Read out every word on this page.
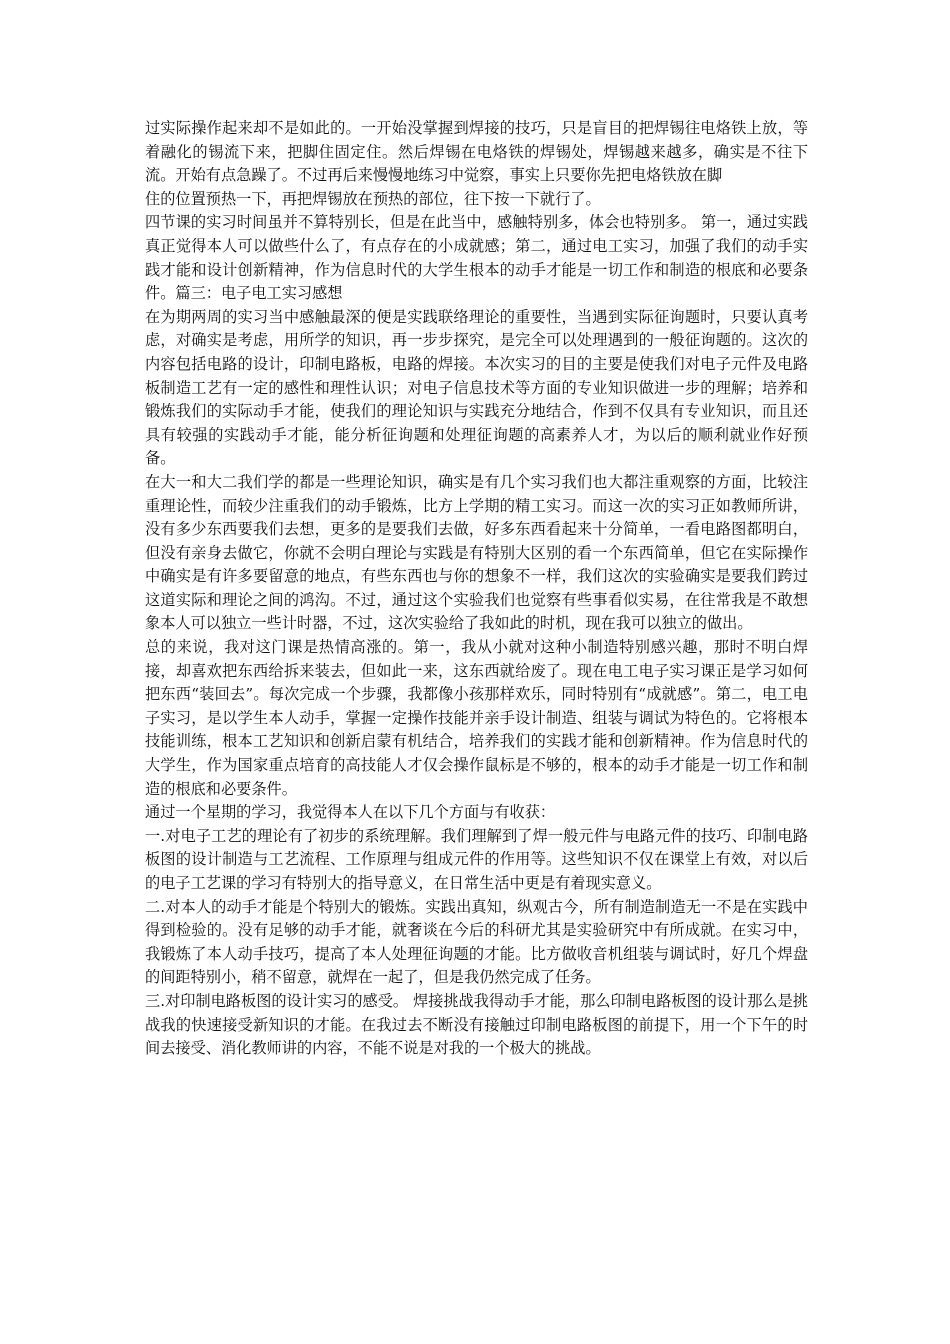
过实际操作起来却不是如此的。一开始没掌握到焊接的技巧，只是盲目的把焊锡往电烙铁上放，等 着融化的锡流下来，把脚住固定住。然后焊锡在电烙铁的焊锡处，焊锡越来越多，确实是不往下流。开始有点急躁了。不过再后来慢慢地练习中觉察，事实上只要你先把电烙铁放在脚

住的位置预热一下，再把焊锡放在预热的部位，往下按一下就行了。

四节课的实习时间虽并不算特别长，但是在此当中，感触特别多，体会也特别多。 第一，通过实践真正觉得本人可以做些什么了，有点存在的小成就感；第二，通过电工实习，加强了我们的动手实践才能和设计创新精神，作为信息时代的大学生根本的动手才能是一切工作和制造的根底和必要条件。篇三：电子电工实习感想

在为期两周的实习当中感触最深的便是实践联络理论的重要性，当遇到实际征询题时，只要认真考虑，对确实是考虑，用所学的知识，再一步步探究，是完全可以处理遇到的一般征询题的。这次的内容包括电路的设计，印制电路板，电路的焊接。本次实习的目的主要是使我们对电子元件及电路板制造工艺有一定的感性和理性认识；对电子信息技术等方面的专业知识做进一步的理解；培养和锻炼我们的实际动手才能，使我们的理论知识与实践充分地结合，作到不仅具有专业知识，而且还具有较强的实践动手才能，能分析征询题和处理征询题的高素养人才，为以后的顺利就业作好预备。

在大一和大二我们学的都是一些理论知识，确实是有几个实习我们也大都注重观察的方面，比较注重理论性，而较少注重我们的动手锻炼，比方上学期的精工实习。而这一次的实习正如教师所讲，没有多少东西要我们去想，更多的是要我们去做，好多东西看起来十分简单，一看电路图都明白，但没有亲身去做它，你就不会明白理论与实践是有特别大区别的看一个东西简单，但它在实际操作中确实是有许多要留意的地点，有些东西也与你的想象不一样，我们这次的实验确实是要我们跨过这道实际和理论之间的鸿沟。不过，通过这个实验我们也觉察有些事看似实易，在往常我是不敢想象本人可以独立一些计时器，不过，这次实验给了我如此的时机，现在我可以独立的做出。

总的来说，我对这门课是热情高涨的。第一，我从小就对这种小制造特别感兴趣，那时不明白焊接，却喜欢把东西给拆来装去，但如此一来，这东西就给废了。现在电工电子实习课正是学习如何把东西“装回去”。每次完成一个步骤，我都像小孩那样欢乐，同时特别有“成就感”。第二，电工电子实习，是以学生本人动手，掌握一定操作技能并亲手设计制造、组装与调试为特色的。它将根本技能训练，根本工艺知识和创新启蒙有机结合，培养我们的实践才能和创新精神。作为信息时代的大学生，作为国家重点培育的高技能人才仅会操作鼠标是不够的，根本的动手才能是一切工作和制造的根底和必要条件。

通过一个星期的学习，我觉得本人在以下几个方面与有收获：

一.对电子工艺的理论有了初步的系统理解。我们理解到了焊一般元件与电路元件的技巧、印制电路板图的设计制造与工艺流程、工作原理与组成元件的作用等。这些知识不仅在课堂上有效，对以后的电子工艺课的学习有特别大的指导意义，在日常生活中更是有着现实意义。

二.对本人的动手才能是个特别大的锻炼。实践出真知，纵观古今，所有制造制造无一不是在实践中得到检验的。没有足够的动手才能，就奢谈在今后的科研尤其是实验研究中有所成就。在实习中，我锻炼了本人动手技巧，提高了本人处理征询题的才能。比方做收音机组装与调试时，好几个焊盘的间距特别小，稍不留意，就焊在一起了，但是我仍然完成了任务。

三.对印制电路板图的设计实习的感受。 焊接挑战我得动手才能，那么印制电路板图的设计那么是挑战我的快速接受新知识的才能。在我过去不断没有接触过印制电路板图的前提下，用一个下午的时间去接受、消化教师讲的内容，不能不说是对我的一个极大的挑战。
